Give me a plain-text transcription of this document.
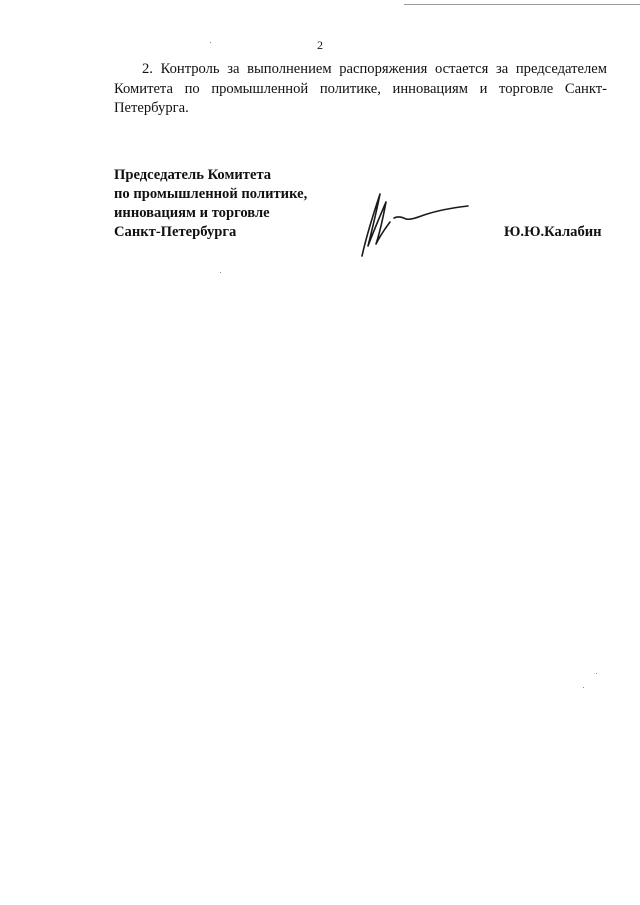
2

2. Контроль за выполнением распоряжения остается за председателем Комитета по промышленной политике, инновациям и торговле Санкт-Петербурга.

Председатель Комитета
по промышленной политике,
инновациям и торговле
Санкт-Петербурга	Ю.Ю.Калабин
